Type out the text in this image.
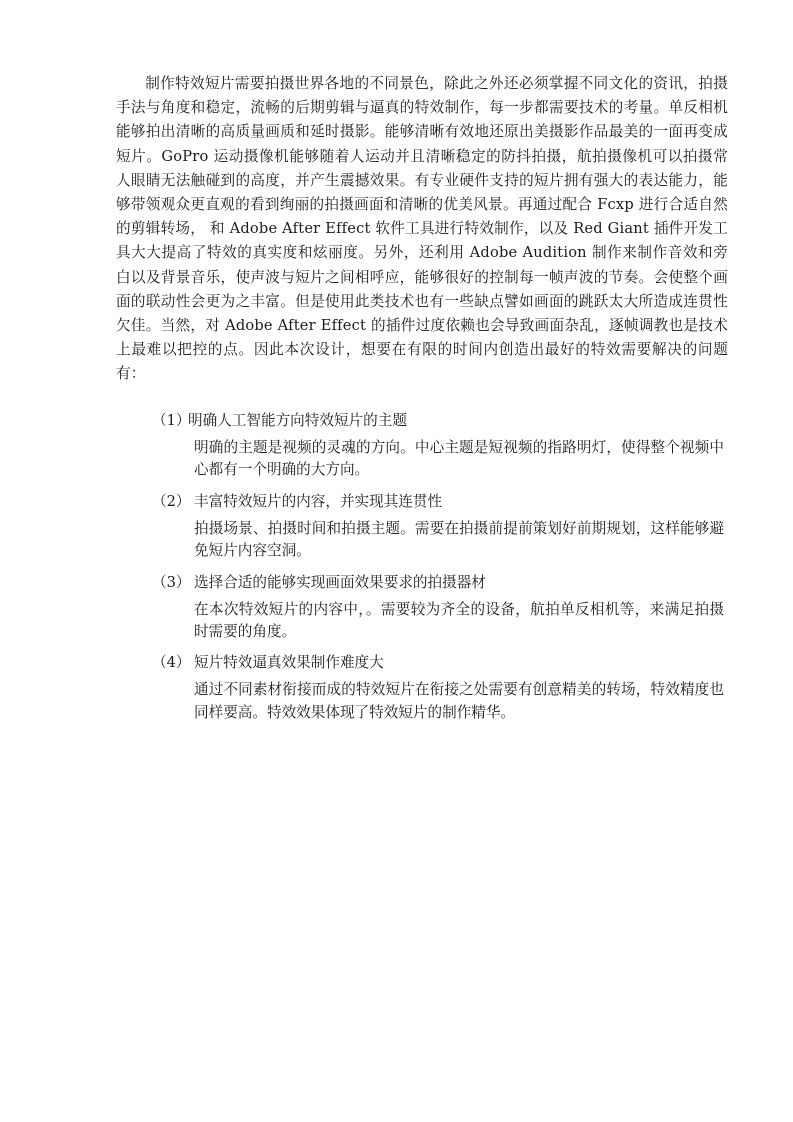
制作特效短片需要拍摄世界各地的不同景色，除此之外还必须掌握不同文化的资讯，拍摄手法与角度和稳定，流畅的后期剪辑与逼真的特效制作，每一步都需要技术的考量。单反相机能够拍出清晰的高质量画质和延时摄影。能够清晰有效地还原出美摄影作品最美的一面再变成短片。GoPro 运动摄像机能够随着人运动并且清晰稳定的防抖拍摄，航拍摄像机可以拍摄常人眼睛无法触碰到的高度，并产生震撼效果。有专业硬件支持的短片拥有强大的表达能力，能够带领观众更直观的看到绚丽的拍摄画面和清晰的优美风景。再通过配合 Fcxp 进行合适自然的剪辑转场， 和 Adobe After Effect 软件工具进行特效制作，以及 Red Giant 插件开发工具大大提高了特效的真实度和炫丽度。另外，还利用 Adobe Audition 制作来制作音效和旁白以及背景音乐，使声波与短片之间相呼应，能够很好的控制每一帧声波的节奏。会使整个画面的联动性会更为之丰富。但是使用此类技术也有一些缺点譬如画面的跳跃太大所造成连贯性欠佳。当然，对 Adobe After Effect 的插件过度依赖也会导致画面杂乱，逐帧调教也是技术上最难以把控的点。因此本次设计，想要在有限的时间内创造出最好的特效需要解决的问题有：

（1）
明确人工智能方向特效短片的主题
明确的主题是视频的灵魂的方向。中心主题是短视频的指路明灯，使得整个视频中心都有一个明确的大方向。
（2） 丰富特效短片的内容，并实现其连贯性
拍摄场景、拍摄时间和拍摄主题。需要在拍摄前提前策划好前期规划，这样能够避免短片内容空洞。
（3） 选择合适的能够实现画面效果要求的拍摄器材
在本次特效短片的内容中，。需要较为齐全的设备，航拍单反相机等，来满足拍摄时需要的角度。
（4） 短片特效逼真效果制作难度大
通过不同素材衔接而成的特效短片在衔接之处需要有创意精美的转场，特效精度也同样要高。特效效果体现了特效短片的制作精华。
